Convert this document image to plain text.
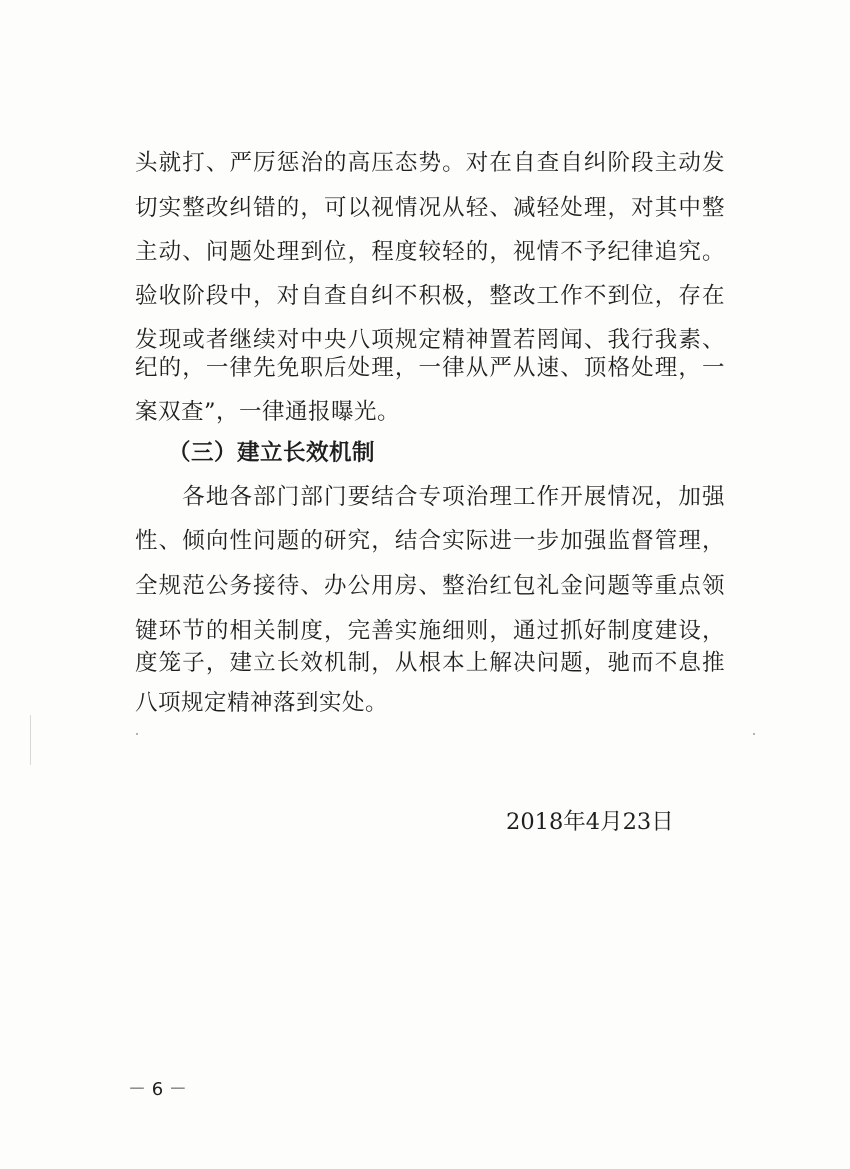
头就打、严厉惩治的高压态势。对在自查自纠阶段主动发
切实整改纠错的，可以视情况从轻、减轻处理，对其中整
主动、问题处理到位，程度较轻的，视情不予纪律追究。
验收阶段中，对自查自纠不积极，整改工作不到位，存在
发现或者继续对中央八项规定精神置若罔闻、我行我素、
纪的，一律先免职后处理，一律从严从速、顶格处理，一
案双查”，一律通报曝光。
（三）建立长效机制
　　各地各部门部门要结合专项治理工作开展情况，加强
性、倾向性问题的研究，结合实际进一步加强监督管理，
全规范公务接待、办公用房、整治红包礼金问题等重点领
键环节的相关制度，完善实施细则，通过抓好制度建设，
度笼子，建立长效机制，从根本上解决问题，驰而不息推
八项规定精神落到实处。
2018年4月23日
－ 6 －
